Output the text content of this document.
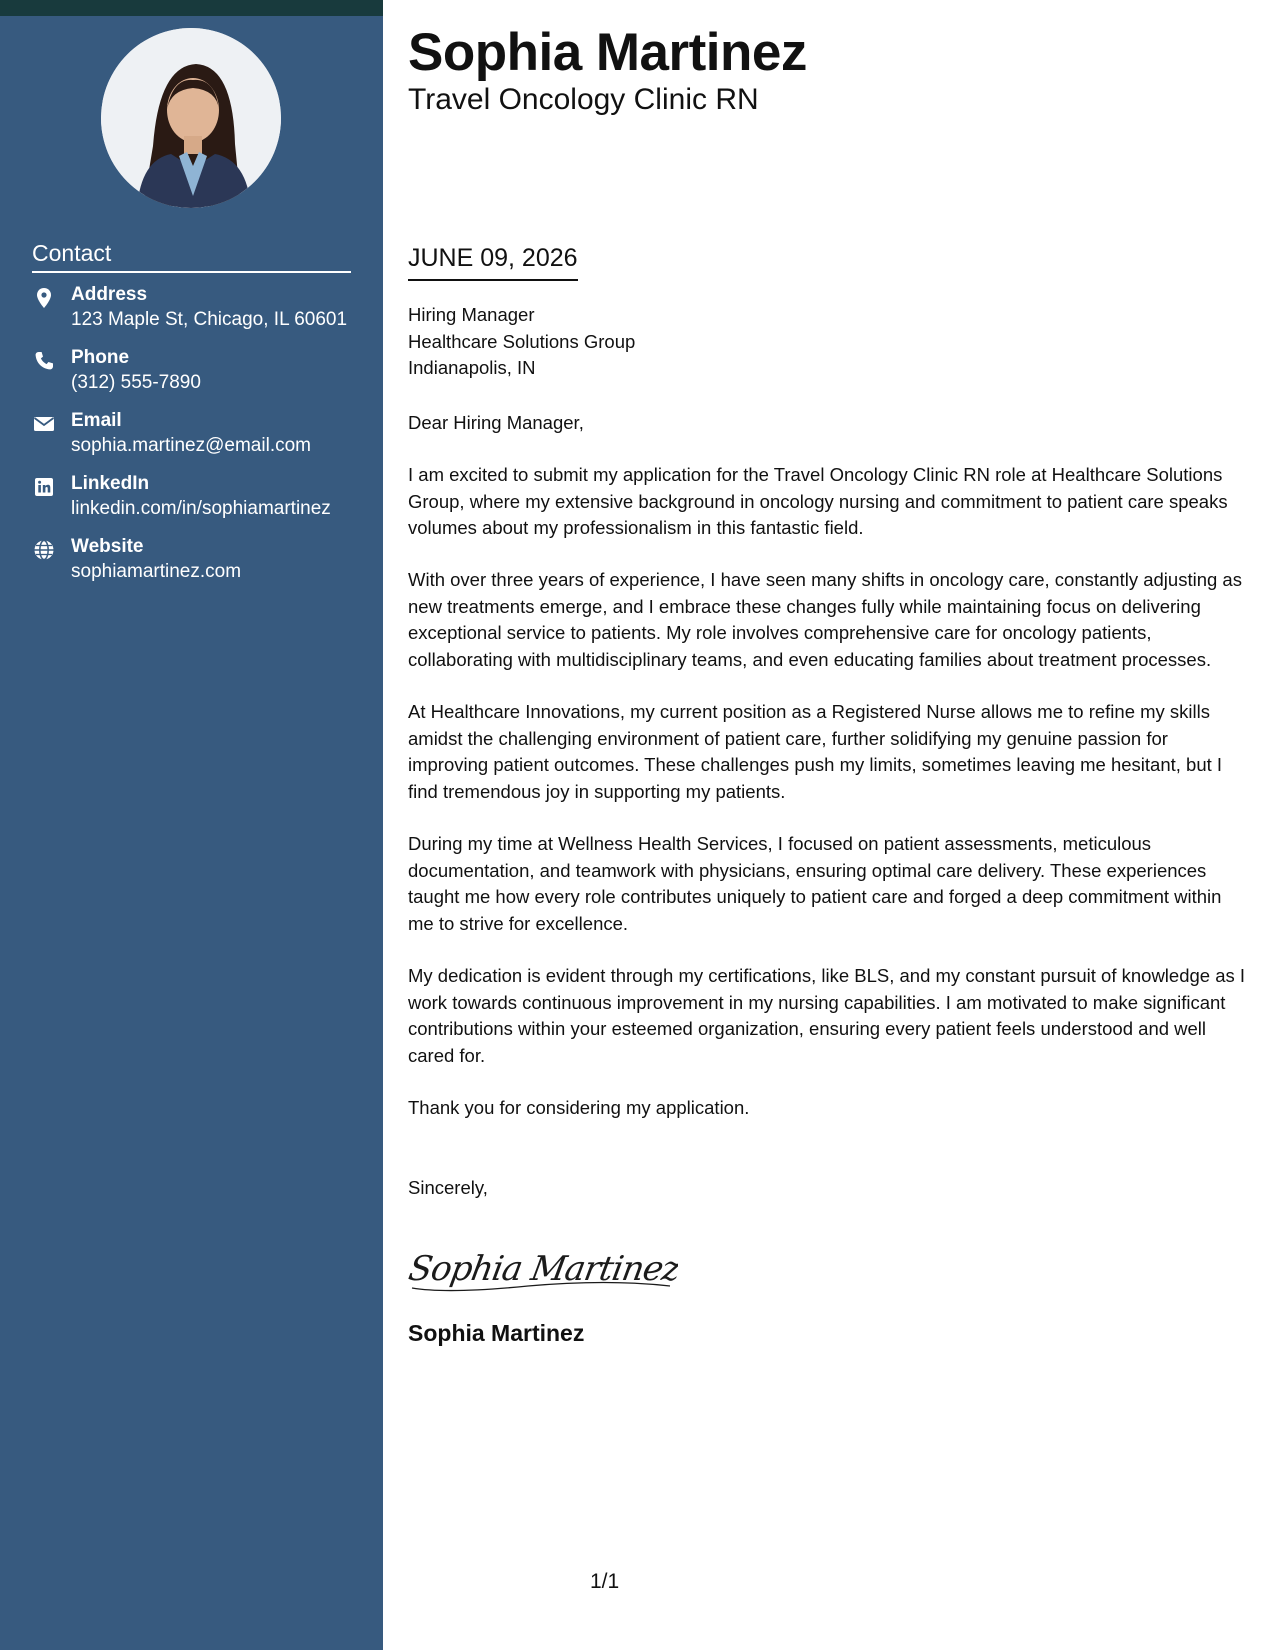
Contact
Address
123 Maple St, Chicago, IL 60601
Phone
(312) 555-7890
Email
sophia.martinez@email.com
LinkedIn
linkedin.com/in/sophiamartinez
Website
sophiamartinez.com
Sophia Martinez
Travel Oncology Clinic RN
JUNE 09, 2026
Hiring Manager
Healthcare Solutions Group
Indianapolis, IN
Dear Hiring Manager,
I am excited to submit my application for the Travel Oncology Clinic RN role at Healthcare Solutions Group, where my extensive background in oncology nursing and commitment to patient care speaks volumes about my professionalism in this fantastic field.
With over three years of experience, I have seen many shifts in oncology care, constantly adjusting as new treatments emerge, and I embrace these changes fully while maintaining focus on delivering exceptional service to patients. My role involves comprehensive care for oncology patients, collaborating with multidisciplinary teams, and even educating families about treatment processes.
At Healthcare Innovations, my current position as a Registered Nurse allows me to refine my skills amidst the challenging environment of patient care, further solidifying my genuine passion for improving patient outcomes. These challenges push my limits, sometimes leaving me hesitant, but I find tremendous joy in supporting my patients.
During my time at Wellness Health Services, I focused on patient assessments, meticulous documentation, and teamwork with physicians, ensuring optimal care delivery. These experiences taught me how every role contributes uniquely to patient care and forged a deep commitment within me to strive for excellence.
My dedication is evident through my certifications, like BLS, and my constant pursuit of knowledge as I work towards continuous improvement in my nursing capabilities. I am motivated to make significant contributions within your esteemed organization, ensuring every patient feels understood and well cared for.
Thank you for considering my application.
Sincerely,
Sophia Martinez
Sophia Martinez
1/1
